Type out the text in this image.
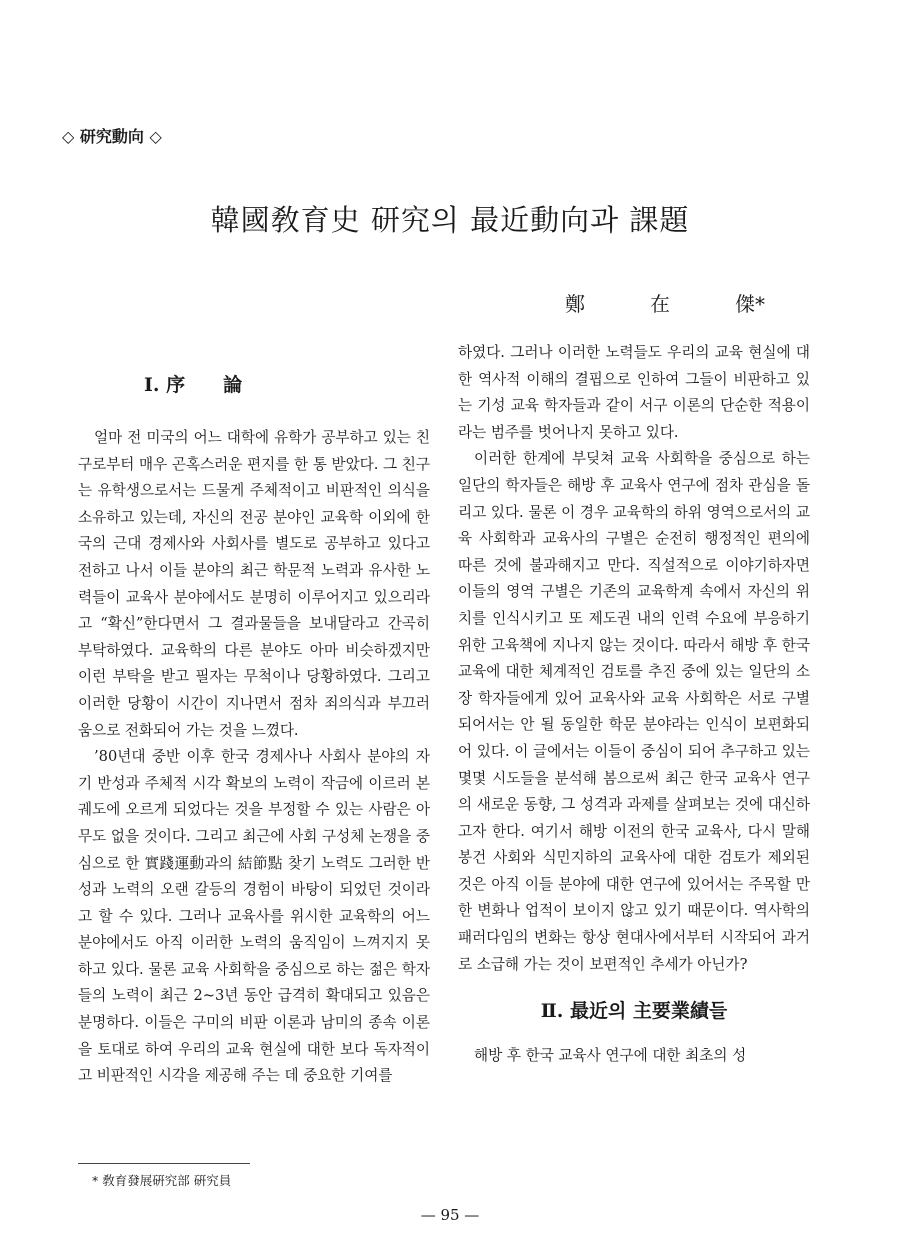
◇ 研究動向 ◇
韓國敎育史 研究의 最近動向과 課題
鄭	在	傑*
Ⅰ. 序　　論

얼마 전 미국의 어느 대학에 유학가 공부하고 있는 친구로부터 매우 곤혹스러운 편지를 한 통 받았다. 그 친구는 유학생으로서는 드물게 주체적이고 비판적인 의식을 소유하고 있는데, 자신의 전공 분야인 교육학 이외에 한국의 근대 경제사와 사회사를 별도로 공부하고 있다고 전하고 나서 이들 분야의 최근 학문적 노력과 유사한 노력들이 교육사 분야에서도 분명히 이루어지고 있으리라고 “확신”한다면서 그 결과물들을 보내달라고 간곡히 부탁하였다. 교육학의 다른 분야도 아마 비슷하겠지만 이런 부탁을 받고 필자는 무척이나 당황하였다. 그리고 이러한 당황이 시간이 지나면서 점차 죄의식과 부끄러움으로 전화되어 가는 것을 느꼈다.

’80년대 중반 이후 한국 경제사나 사회사 분야의 자기 반성과 주체적 시각 확보의 노력이 작금에 이르러 본 궤도에 오르게 되었다는 것을 부정할 수 있는 사람은 아무도 없을 것이다. 그리고 최근에 사회 구성체 논쟁을 중심으로 한 實踐運動과의 結節點 찾기 노력도 그러한 반성과 노력의 오랜 갈등의 경험이 바탕이 되었던 것이라고 할 수 있다. 그러나 교육사를 위시한 교육학의 어느 분야에서도 아직 이러한 노력의 움직임이 느껴지지 못하고 있다. 물론 교육 사회학을 중심으로 하는 젊은 학자들의 노력이 최근 2~3년 동안 급격히 확대되고 있음은 분명하다. 이들은 구미의 비판 이론과 남미의 종속 이론을 토대로 하여 우리의 교육 현실에 대한 보다 독자적이고 비판적인 시각을 제공해 주는 데 중요한 기여를

하였다. 그러나 이러한 노력들도 우리의 교육 현실에 대한 역사적 이해의 결핍으로 인하여 그들이 비판하고 있는 기성 교육 학자들과 같이 서구 이론의 단순한 적용이라는 범주를 벗어나지 못하고 있다.

이러한 한계에 부딪쳐 교육 사회학을 중심으로 하는 일단의 학자들은 해방 후 교육사 연구에 점차 관심을 돌리고 있다. 물론 이 경우 교육학의 하위 영역으로서의 교육 사회학과 교육사의 구별은 순전히 행정적인 편의에 따른 것에 불과해지고 만다. 직설적으로 이야기하자면 이들의 영역 구별은 기존의 교육학계 속에서 자신의 위치를 인식시키고 또 제도권 내의 인력 수요에 부응하기 위한 고육책에 지나지 않는 것이다. 따라서 해방 후 한국 교육에 대한 체계적인 검토를 추진 중에 있는 일단의 소장 학자들에게 있어 교육사와 교육 사회학은 서로 구별되어서는 안 될 동일한 학문 분야라는 인식이 보편화되어 있다. 이 글에서는 이들이 중심이 되어 추구하고 있는 몇몇 시도들을 분석해 봄으로써 최근 한국 교육사 연구의 새로운 동향, 그 성격과 과제를 살펴보는 것에 대신하고자 한다. 여기서 해방 이전의 한국 교육사, 다시 말해 봉건 사회와 식민지하의 교육사에 대한 검토가 제외된 것은 아직 이들 분야에 대한 연구에 있어서는 주목할 만한 변화나 업적이 보이지 않고 있기 때문이다. 역사학의 패러다임의 변화는 항상 현대사에서부터 시작되어 과거로 소급해 가는 것이 보편적인 추세가 아닌가?

Ⅱ. 最近의 主要業績들

해방 후 한국 교육사 연구에 대한 최초의 성

* 敎育發展硏究部 硏究員
— 95 —
